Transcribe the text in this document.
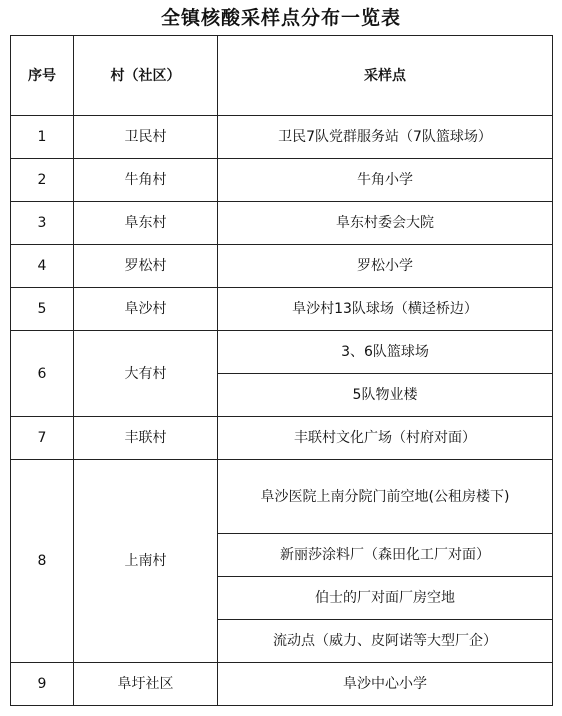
全镇核酸采样点分布一览表
序号	村（社区）	采样点
1	卫民村	卫民7队党群服务站（7队篮球场）
2	牛角村	牛角小学
3	阜东村	阜东村委会大院
4	罗松村	罗松小学
5	阜沙村	阜沙村13队球场（横迳桥边）
6	大有村	3、6队篮球场
		5队物业楼
7	丰联村	丰联村文化广场（村府对面）
8	上南村	阜沙医院上南分院门前空地(公租房楼下)
		新丽莎涂料厂（森田化工厂对面）
		伯士的厂对面厂房空地
		流动点（威力、皮阿诺等大型厂企）
9	阜圩社区	阜沙中心小学
